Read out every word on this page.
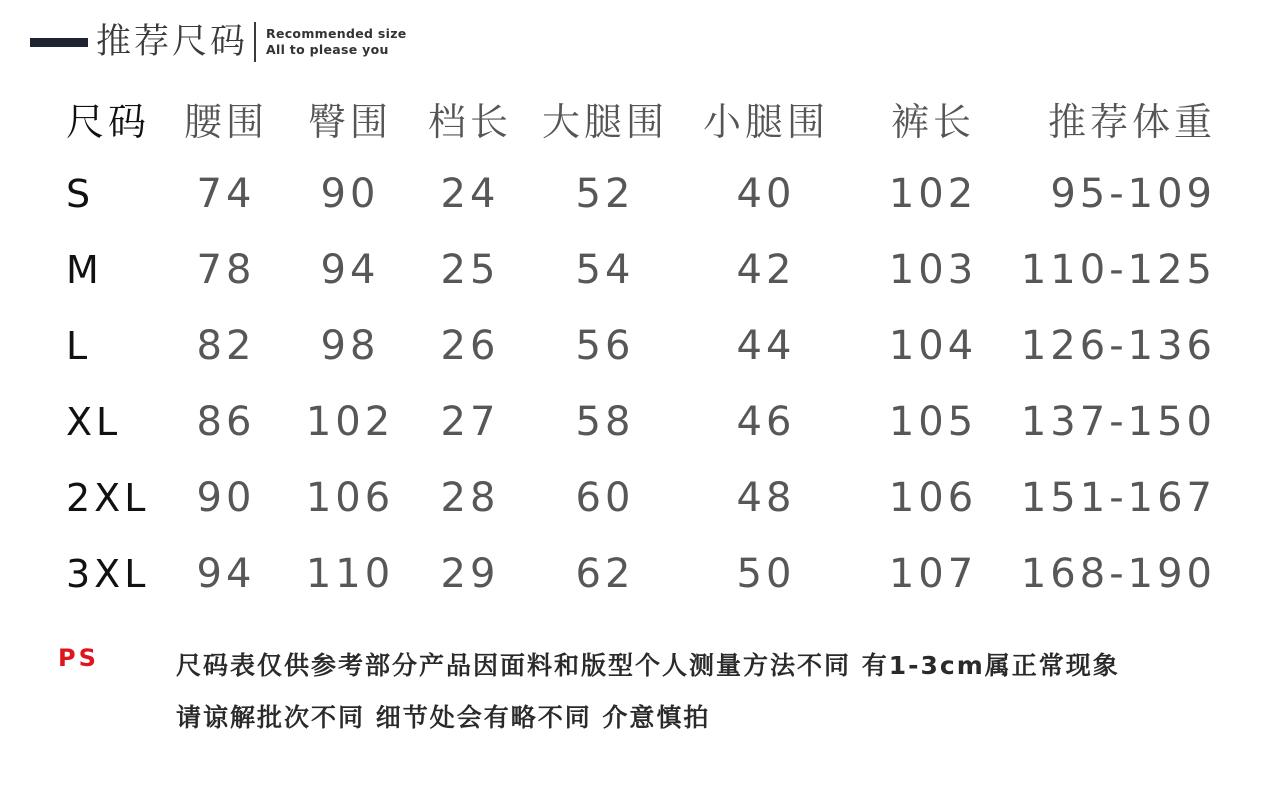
推荐尺码 Recommended size
All to please you
尺码	腰围	臀围	档长	大腿围	小腿围	裤长	推荐体重
S	74	90	24	52	40	102	95-109
M	78	94	25	54	42	103	110-125
L	82	98	26	56	44	104	126-136
XL	86	102	27	58	46	105	137-150
2XL	90	106	28	60	48	106	151-167
3XL	94	110	29	62	50	107	168-190
PS	尺码表仅供参考部分产品因面料和版型个人测量方法不同 有1-3cm属正常现象
请谅解批次不同 细节处会有略不同 介意慎拍
